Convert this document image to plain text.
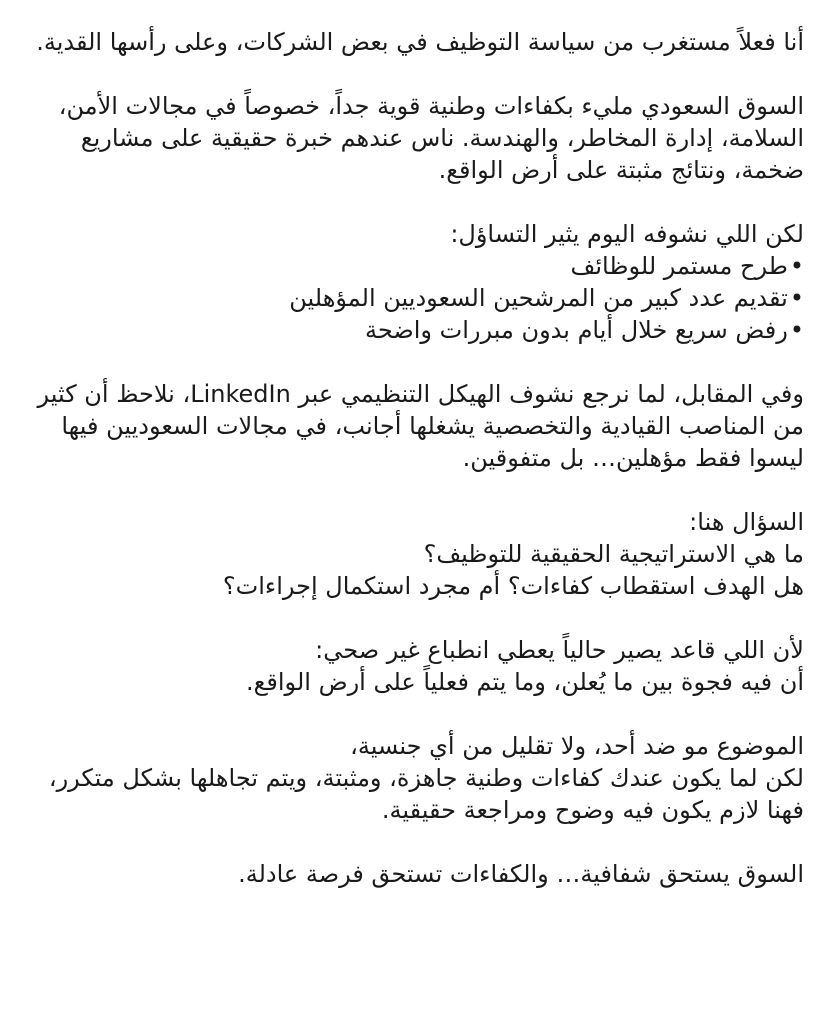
أنا فعلاً مستغرب من سياسة التوظيف في بعض الشركات، وعلى رأسها القدية.

السوق السعودي مليء بكفاءات وطنية قوية جداً، خصوصاً في مجالات الأمن، السلامة، إدارة المخاطر، والهندسة. ناس عندهم خبرة حقيقية على مشاريع ضخمة، ونتائج مثبتة على أرض الواقع.

لكن اللي نشوفه اليوم يثير التساؤل:
• طرح مستمر للوظائف
• تقديم عدد كبير من المرشحين السعوديين المؤهلين
• رفض سريع خلال أيام بدون مبررات واضحة

وفي المقابل، لما نرجع نشوف الهيكل التنظيمي عبر LinkedIn، نلاحظ أن كثير من المناصب القيادية والتخصصية يشغلها أجانب، في مجالات السعوديين فيها ليسوا فقط مؤهلين… بل متفوقين.

السؤال هنا:
ما هي الاستراتيجية الحقيقية للتوظيف؟
هل الهدف استقطاب كفاءات؟ أم مجرد استكمال إجراءات؟
لأن اللي قاعد يصير حالياً يعطي انطباع غير صحي:
أن فيه فجوة بين ما يُعلن، وما يتم فعلياً على أرض الواقع.
الموضوع مو ضد أحد، ولا تقليل من أي جنسية،
لكن لما يكون عندك كفاءات وطنية جاهزة، ومثبتة، ويتم تجاهلها بشكل متكرر،
فهنا لازم يكون فيه وضوح ومراجعة حقيقية.

السوق يستحق شفافية… والكفاءات تستحق فرصة عادلة.
